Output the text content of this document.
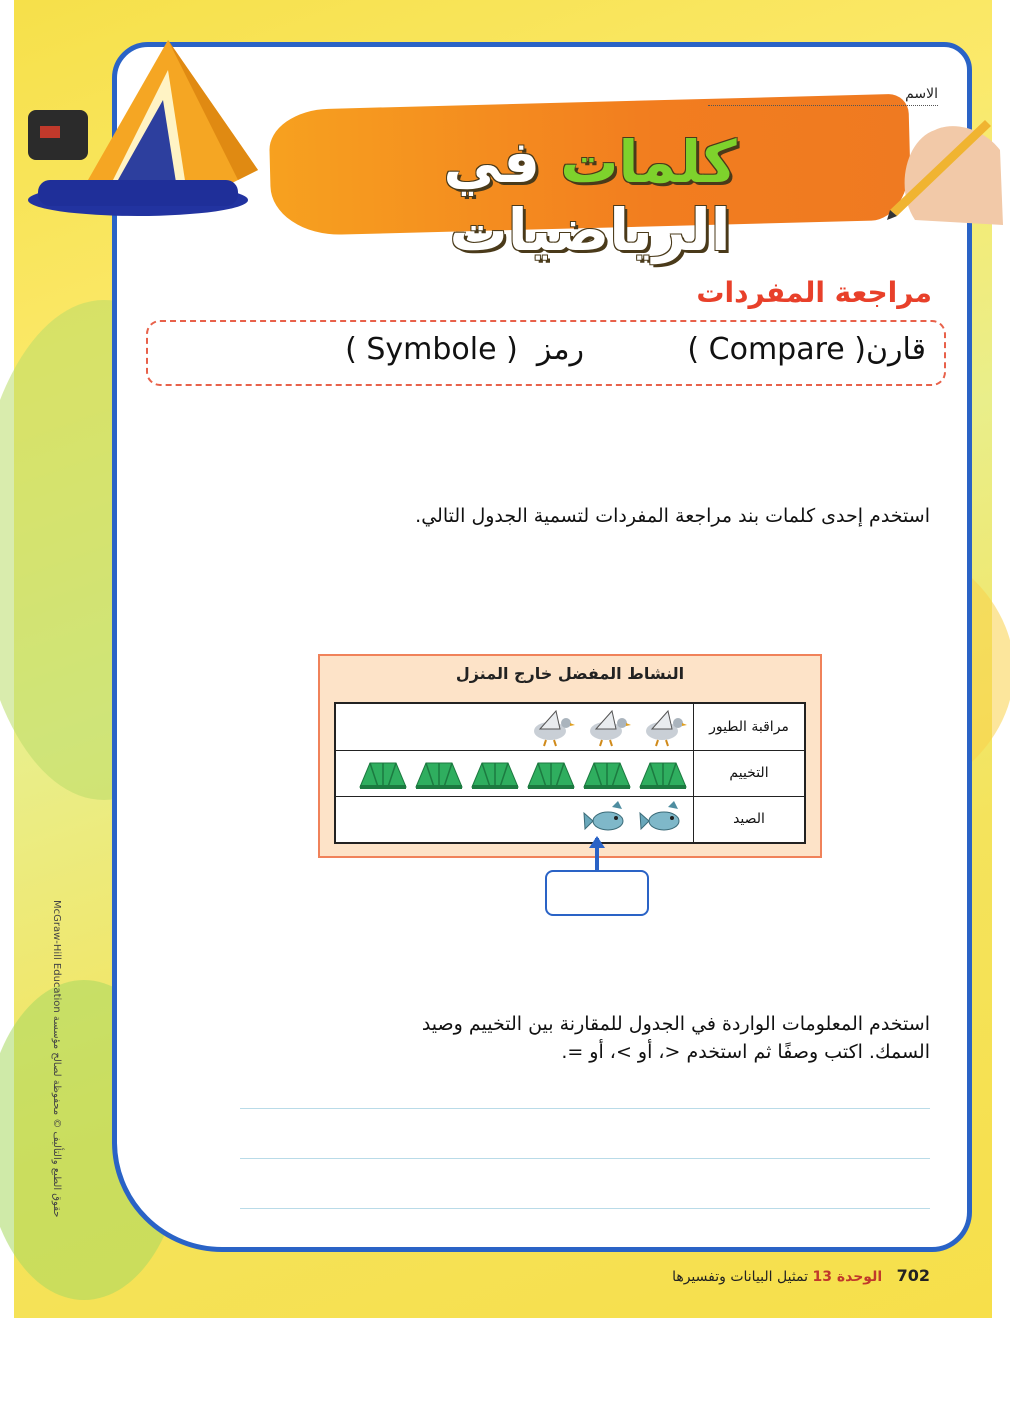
كلمات في الرياضيات
الاسم
مراجعة المفردات
قارن( Compare )
رمز  ( Symbole )
استخدم إحدى كلمات بند مراجعة المفردات لتسمية الجدول التالي.
النشاط المفضل خارج المنزل
مراقبة الطيور
التخييم
الصيد
استخدم المعلومات الواردة في الجدول للمقارنة بين التخييم وصيد
السمك. اكتب وصفًا ثم استخدم <، أو >، أو =.
McGraw-Hill Education حقوق الطبع والتأليف © محفوظة لصالح مؤسسة
702 الوحدة 13 تمثيل البيانات وتفسيرها
